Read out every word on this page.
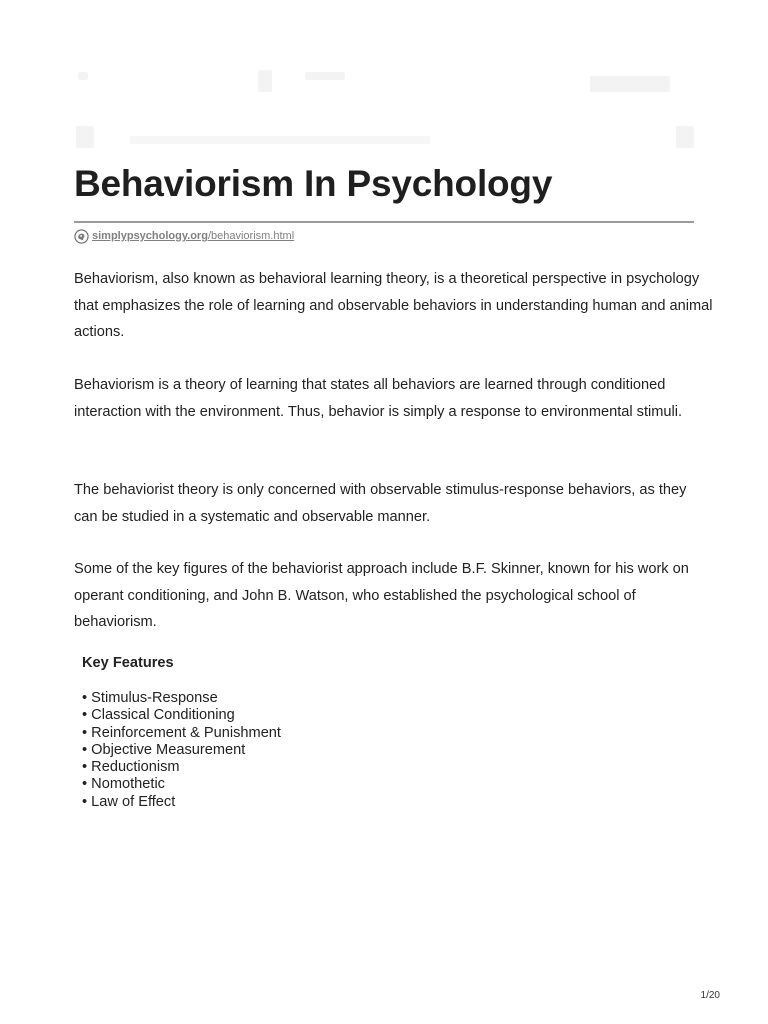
Behaviorism In Psychology
simplypsychology.org /behaviorism.html

Behaviorism, also known as behavioral learning theory, is a theoretical perspective in psychology that emphasizes the role of learning and observable behaviors in understanding human and animal actions.

Behaviorism is a theory of learning that states all behaviors are learned through conditioned interaction with the environment. Thus, behavior is simply a response to environmental stimuli.

The behaviorist theory is only concerned with observable stimulus-response behaviors, as they can be studied in a systematic and observable manner.

Some of the key figures of the behaviorist approach include B.F. Skinner, known for his work on operant conditioning, and John B. Watson, who established the psychological school of behaviorism.

Key Features
• Stimulus-Response
• Classical Conditioning
• Reinforcement & Punishment
• Objective Measurement
• Reductionism
• Nomothetic
• Law of Effect
1/20
